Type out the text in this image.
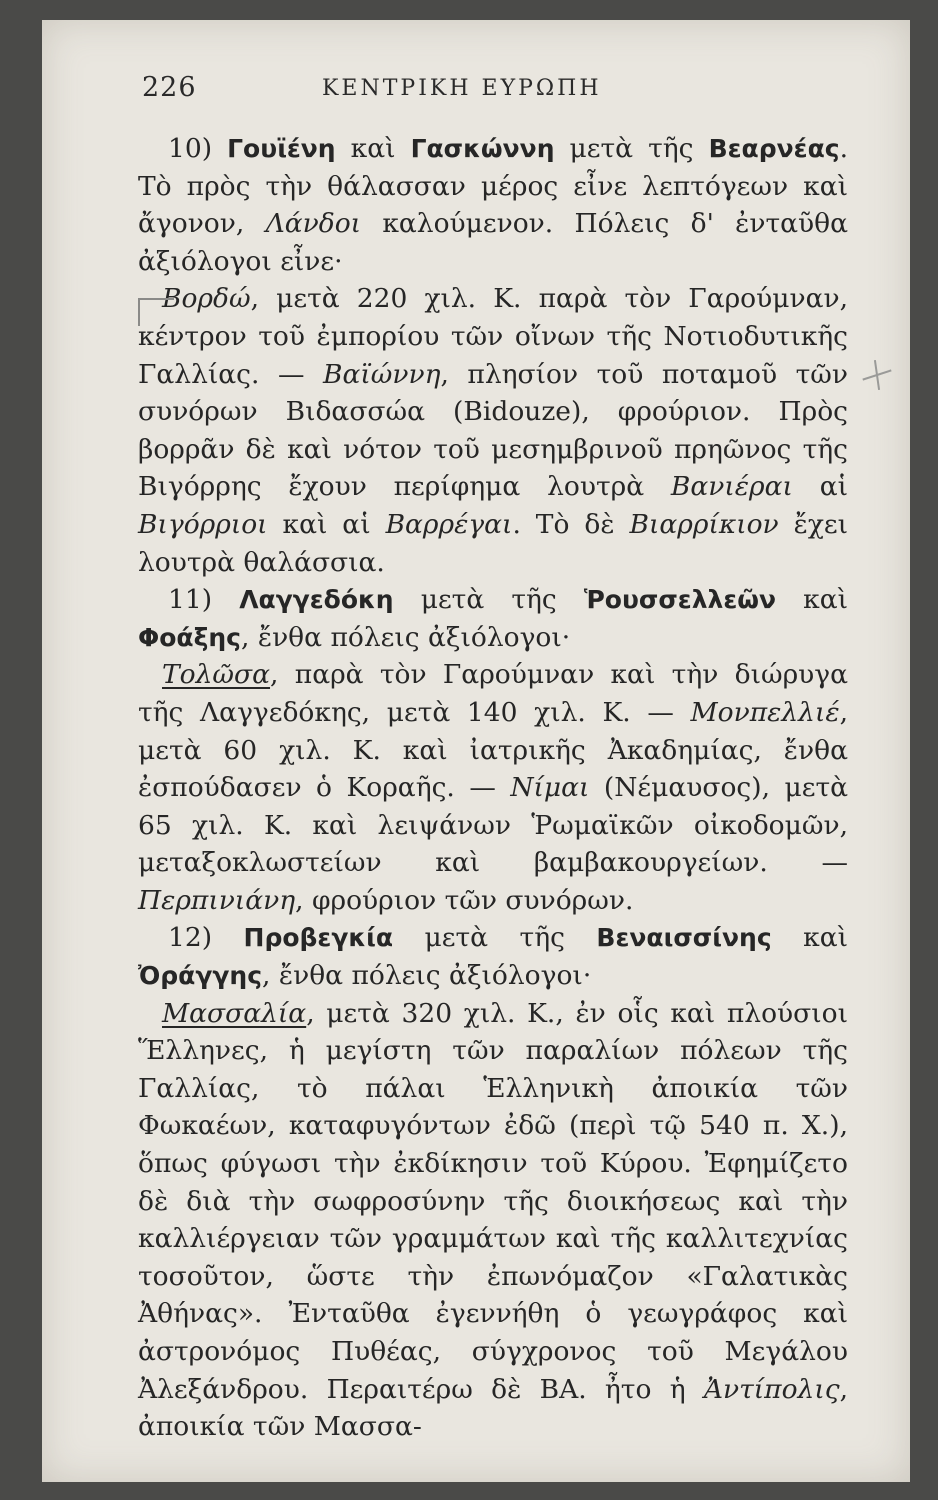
226	ΚΕΝΤΡΙΚΗ ΕΥΡΩΠΗ

10) Γουϊένη καὶ Γασκώννη μετὰ τῆς Βεαρνέας. Τὸ πρὸς τὴν θάλασσαν μέρος εἶνε λεπτόγεων καὶ ἄγονον, Λάνδοι καλούμενον. Πόλεις δ' ἐνταῦθα ἀξιόλογοι εἶνε·

Βορδώ, μετὰ 220 χιλ. Κ. παρὰ τὸν Γαρούμναν, κέντρον τοῦ ἐμπορίου τῶν οἴνων τῆς Νοτιοδυτικῆς Γαλλίας. — Βαϊώννη, πλησίον τοῦ ποταμοῦ τῶν συνόρων Βιδασσώα (Bidouze), φρούριον. Πρὸς βορρᾶν δὲ καὶ νότον τοῦ μεσημβρινοῦ πρηῶνος τῆς Βιγόρρης ἔχουν περίφημα λουτρὰ Βανιέραι αἱ Βιγόρριοι καὶ αἱ Βαρρέγαι. Τὸ δὲ Βιαρρίκιον ἔχει λουτρὰ θαλάσσια.

11) Λαγγεδόκη μετὰ τῆς Ῥουσσελλεῶν καὶ Φοάξης, ἔνθα πόλεις ἀξιόλογοι·

Τολῶσα, παρὰ τὸν Γαρούμναν καὶ τὴν διώρυγα τῆς Λαγγεδόκης, μετὰ 140 χιλ. Κ. — Μονπελλιέ, μετὰ 60 χιλ. Κ. καὶ ἰατρικῆς Ἀκαδημίας, ἔνθα ἐσπούδασεν ὁ Κοραῆς. — Νίμαι (Νέμαυσος), μετὰ 65 χιλ. Κ. καὶ λειψάνων Ῥωμαϊκῶν οἰκοδομῶν, μεταξοκλωστείων καὶ βαμβακουργείων. — Περπινιάνη, φρούριον τῶν συνόρων.

12) Προβεγκία μετὰ τῆς Βεναισσίνης καὶ Ὀράγγης, ἔνθα πόλεις ἀξιόλογοι·

Μασσαλία, μετὰ 320 χιλ. Κ., ἐν οἷς καὶ πλούσιοι Ἕλληνες, ἡ μεγίστη τῶν παραλίων πόλεων τῆς Γαλλίας, τὸ πάλαι Ἑλληνικὴ ἀποικία τῶν Φωκαέων, καταφυγόντων ἐδῶ (περὶ τῷ 540 π. Χ.), ὅπως φύγωσι τὴν ἐκδίκησιν τοῦ Κύρου. Ἐφημίζετο δὲ διὰ τὴν σωφροσύνην τῆς διοικήσεως καὶ τὴν καλλιέργειαν τῶν γραμμάτων καὶ τῆς καλλιτεχνίας τοσοῦτον, ὥστε τὴν ἐπωνόμαζον «Γαλατικὰς Ἀθήνας». Ἐνταῦθα ἐγεννήθη ὁ γεωγράφος καὶ ἀστρονόμος Πυθέας, σύγχρονος τοῦ Μεγάλου Ἀλεξάνδρου. Περαιτέρω δὲ ΒΑ. ἦτο ἡ Ἀντίπολις, ἀποικία τῶν Μασσα-
